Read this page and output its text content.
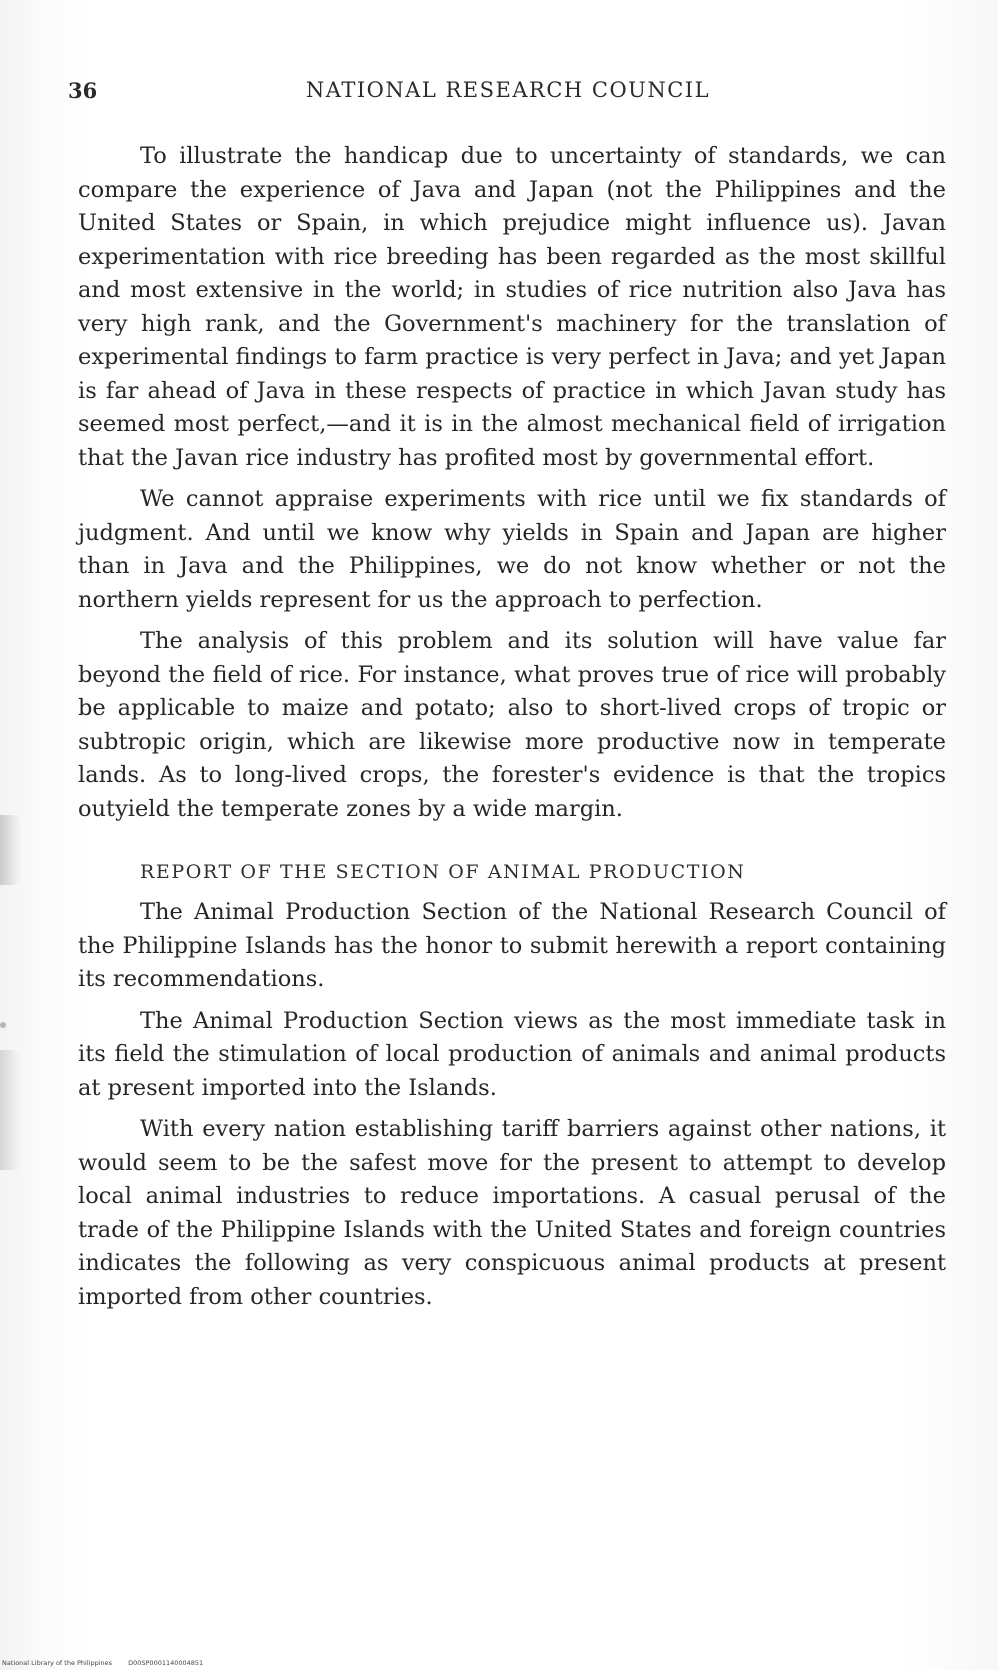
36	NATIONAL RESEARCH COUNCIL

To illustrate the handicap due to uncertainty of standards, we can compare the experience of Java and Japan (not the Philippines and the United States or Spain, in which prejudice might influence us). Javan experimentation with rice breeding has been regarded as the most skillful and most extensive in the world; in studies of rice nutrition also Java has very high rank, and the Government's machinery for the translation of experimental findings to farm practice is very perfect in Java; and yet Japan is far ahead of Java in these respects of practice in which Javan study has seemed most perfect,—and it is in the almost mechanical field of irrigation that the Javan rice industry has profited most by governmental effort.

We cannot appraise experiments with rice until we fix standards of judgment. And until we know why yields in Spain and Japan are higher than in Java and the Philippines, we do not know whether or not the northern yields represent for us the approach to perfection.

The analysis of this problem and its solution will have value far beyond the field of rice. For instance, what proves true of rice will probably be applicable to maize and potato; also to short-lived crops of tropic or subtropic origin, which are likewise more productive now in temperate lands. As to long-lived crops, the forester's evidence is that the tropics outyield the temperate zones by a wide margin.

REPORT OF THE SECTION OF ANIMAL PRODUCTION

The Animal Production Section of the National Research Council of the Philippine Islands has the honor to submit herewith a report containing its recommendations.

The Animal Production Section views as the most immediate task in its field the stimulation of local production of animals and animal products at present imported into the Islands.

With every nation establishing tariff barriers against other nations, it would seem to be the safest move for the present to attempt to develop local animal industries to reduce importations. A casual perusal of the trade of the Philippine Islands with the United States and foreign countries indicates the following as very conspicuous animal products at present imported from other countries.

National Library of the Philippines D00SP0001140004851
